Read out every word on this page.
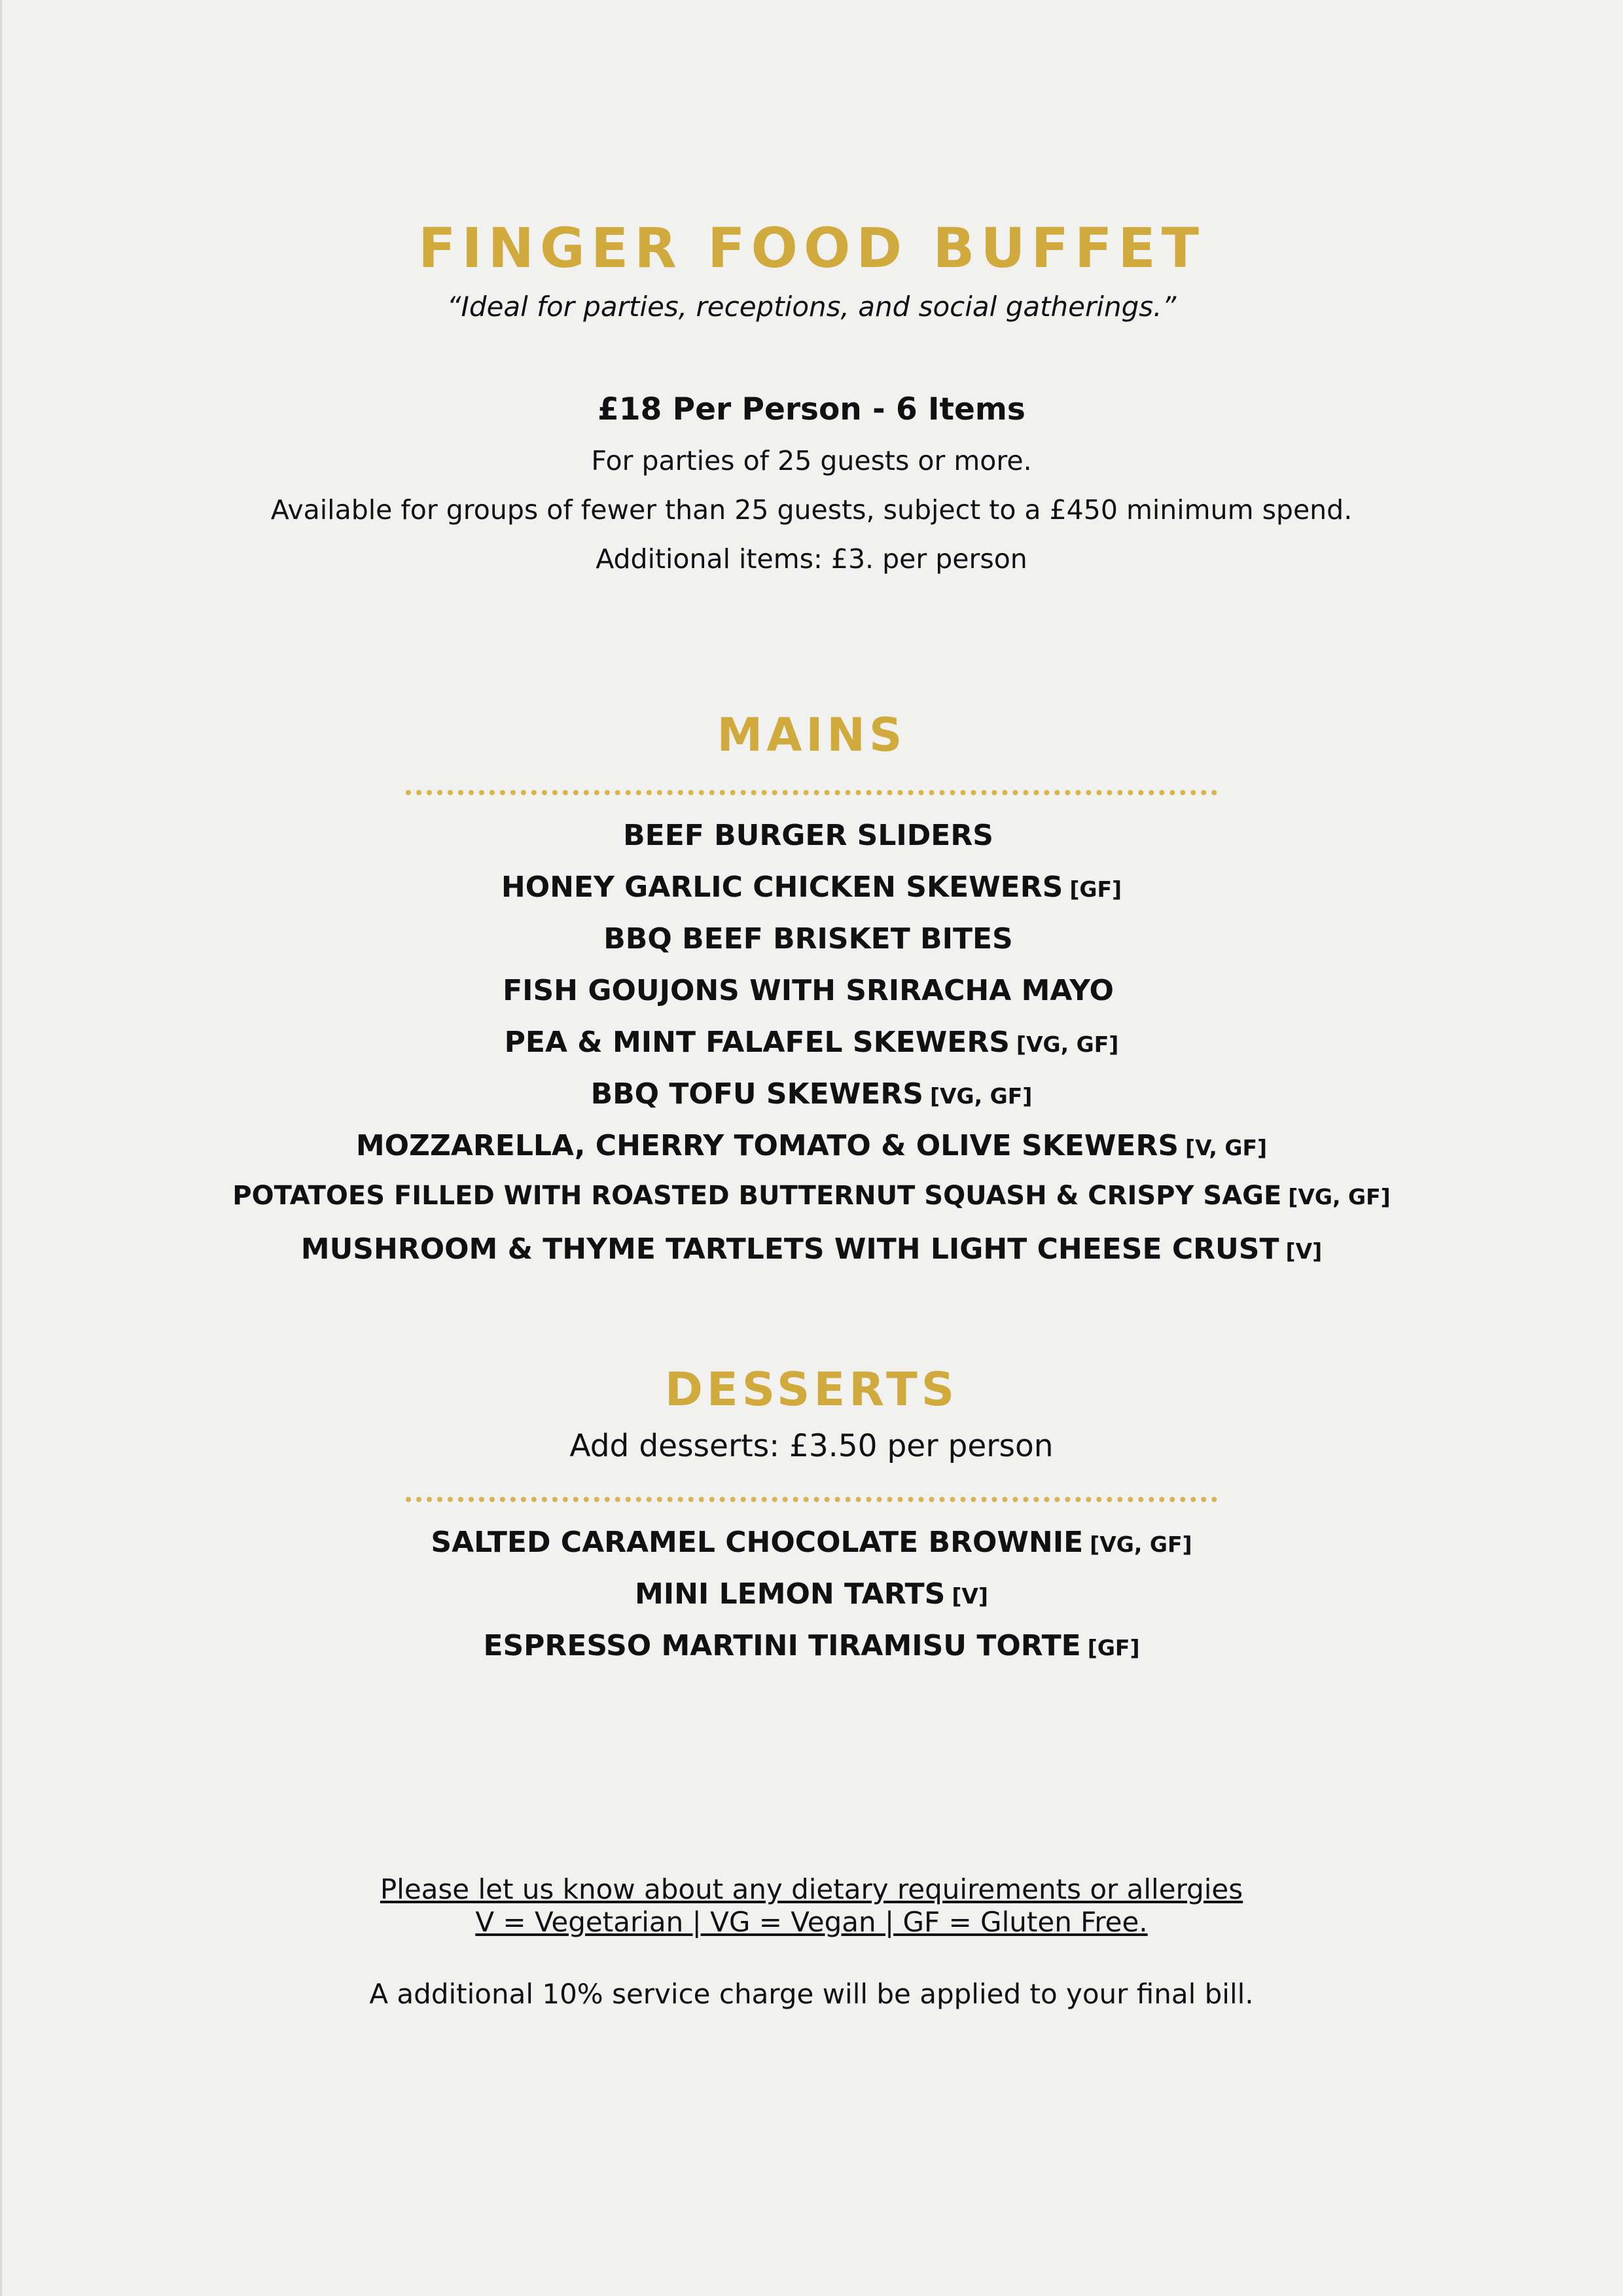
FINGER FOOD BUFFET
“Ideal for parties, receptions, and social gatherings.”
£18 Per Person - 6 Items
For parties of 25 guests or more.
Available for groups of fewer than 25 guests, subject to a £450 minimum spend.
Additional items: £3. per person
MAINS
BEEF BURGER SLIDERS
HONEY GARLIC CHICKEN SKEWERS [GF]
BBQ BEEF BRISKET BITES
FISH GOUJONS WITH SRIRACHA MAYO
PEA & MINT FALAFEL SKEWERS [VG, GF]
BBQ TOFU SKEWERS [VG, GF]
MOZZARELLA, CHERRY TOMATO & OLIVE SKEWERS [V, GF]
POTATOES FILLED WITH ROASTED BUTTERNUT SQUASH & CRISPY SAGE [VG, GF]
MUSHROOM & THYME TARTLETS WITH LIGHT CHEESE CRUST [V]
DESSERTS
Add desserts: £3.50 per person
SALTED CARAMEL CHOCOLATE BROWNIE [VG, GF]
MINI LEMON TARTS [V]
ESPRESSO MARTINI TIRAMISU TORTE [GF]
Please let us know about any dietary requirements or allergies
V = Vegetarian | VG = Vegan | GF = Gluten Free.
A additional 10% service charge will be applied to your final bill.
